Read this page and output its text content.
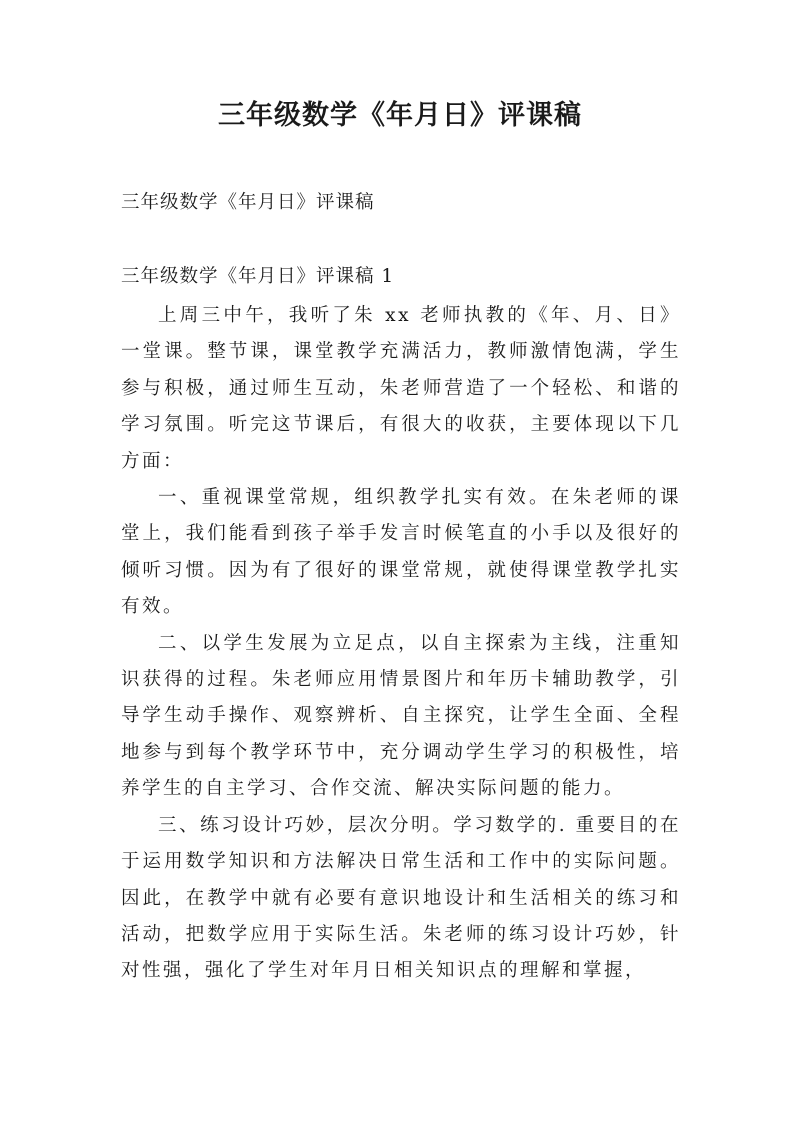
三年级数学《年月日》评课稿
三年级数学《年月日》评课稿
三年级数学《年月日》评课稿 1

上周三中午，我听了朱 xx 老师执教的《年、月、日》一堂课。整节课，课堂教学充满活力，教师激情饱满，学生参与积极，通过师生互动，朱老师营造了一个轻松、和谐的学习氛围。听完这节课后，有很大的收获，主要体现以下几方面：

一、重视课堂常规，组织教学扎实有效。在朱老师的课堂上，我们能看到孩子举手发言时候笔直的小手以及很好的倾听习惯。因为有了很好的课堂常规，就使得课堂教学扎实有效。

二、以学生发展为立足点，以自主探索为主线，注重知识获得的过程。朱老师应用情景图片和年历卡辅助教学，引导学生动手操作、观察辨析、自主探究，让学生全面、全程地参与到每个教学环节中，充分调动学生学习的积极性，培养学生的自主学习、合作交流、解决实际问题的能力。

三、练习设计巧妙，层次分明。学习数学的. 重要目的在于运用数学知识和方法解决日常生活和工作中的实际问题。因此，在教学中就有必要有意识地设计和生活相关的练习和活动，把数学应用于实际生活。朱老师的练习设计巧妙，针对性强，强化了学生对年月日相关知识点的理解和掌握，
